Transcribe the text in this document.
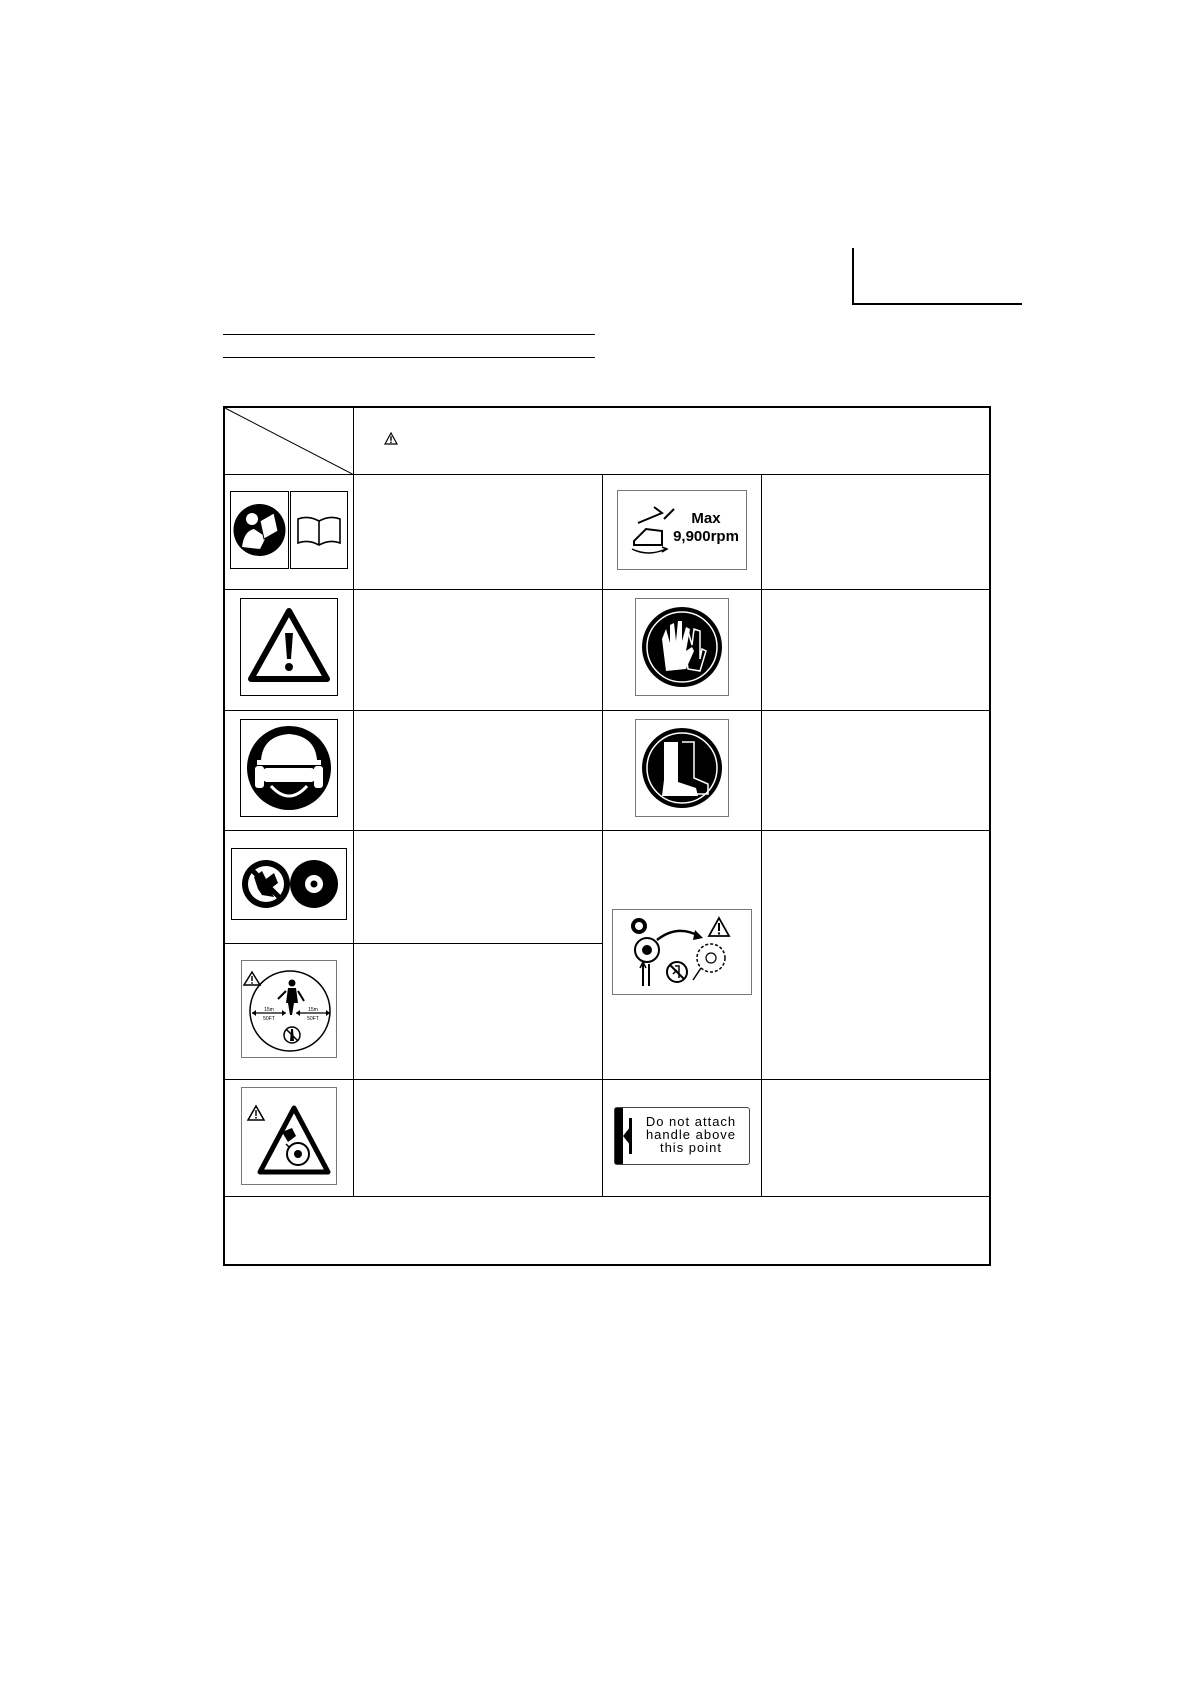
Max
9,900rpm	

15m
50FT
15m
50FT			

Do not attach
handle above
this point	
